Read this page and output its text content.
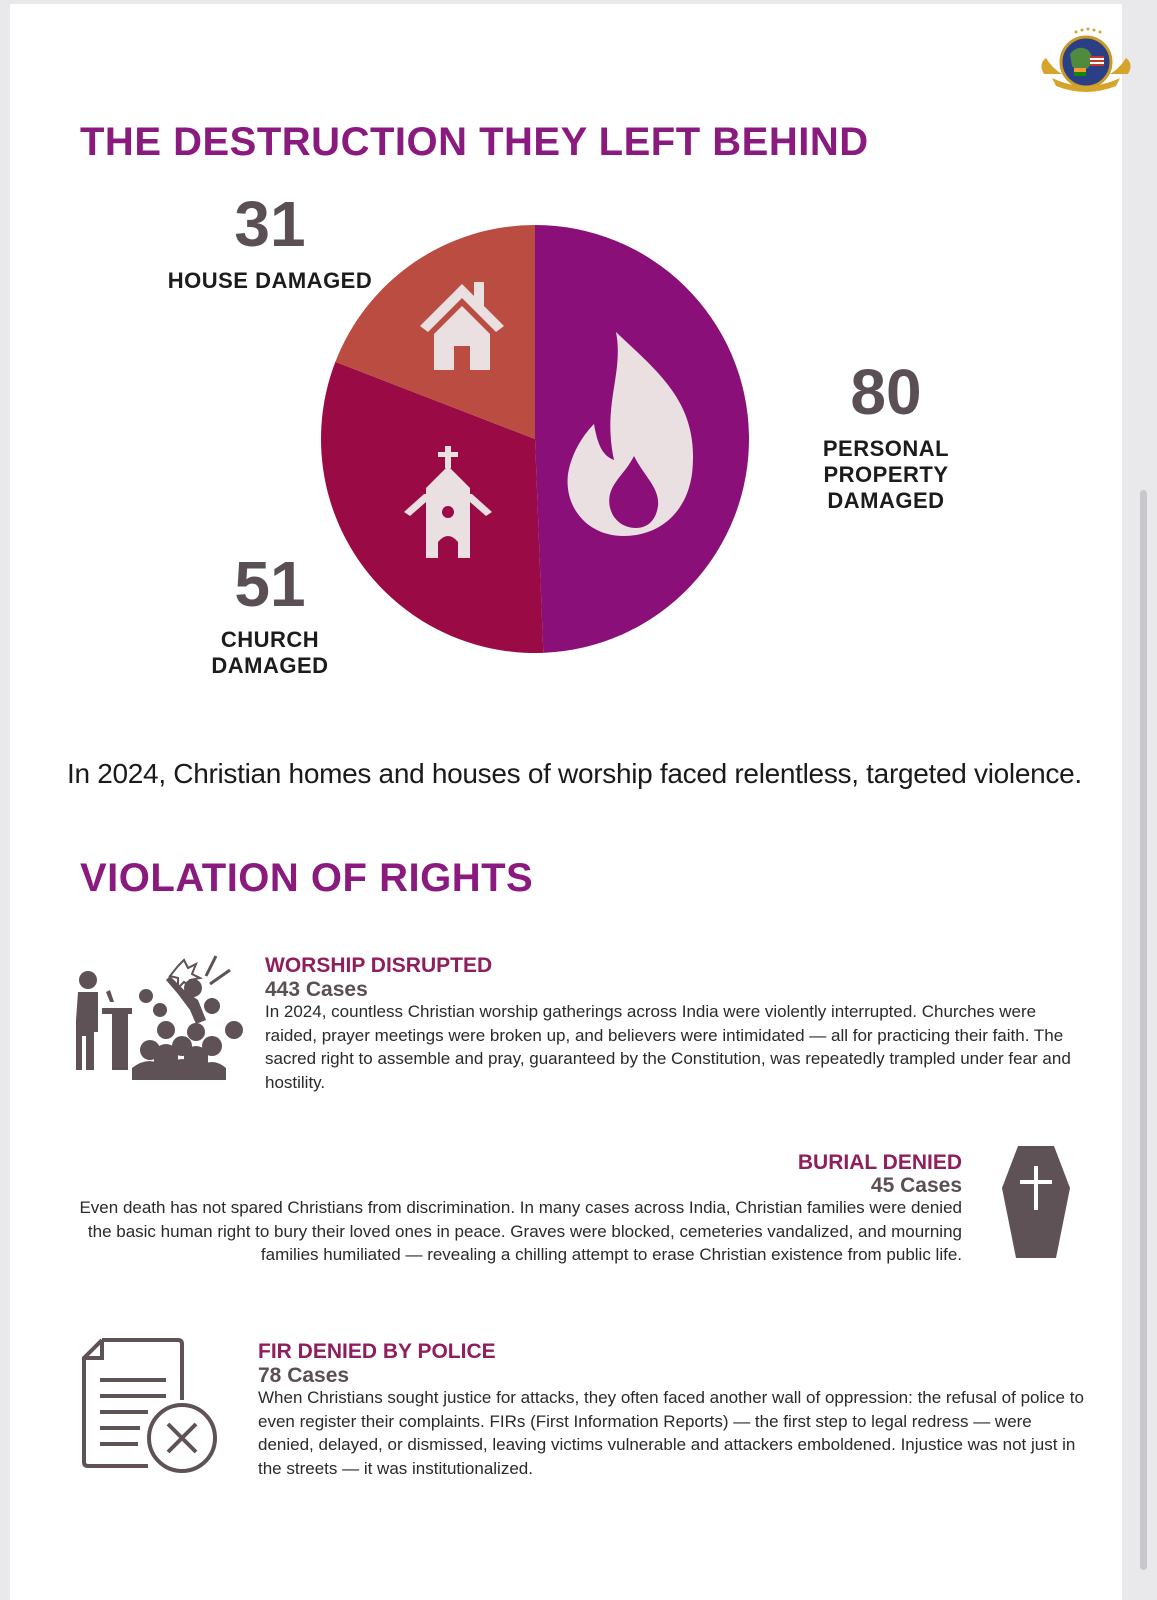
THE DESTRUCTION THEY LEFT BEHIND
VIOLATION OF RIGHTS
31
HOUSE DAMAGED
51
CHURCH
DAMAGED
80
PERSONAL
PROPERTY
DAMAGED

In 2024, Christian homes and houses of worship faced relentless, targeted violence.

WORSHIP DISRUPTED
443 Cases

In 2024, countless Christian worship gatherings across India were violently interrupted. Churches were raided, prayer meetings were broken up, and believers were intimidated — all for practicing their faith. The sacred right to assemble and pray, guaranteed by the Constitution, was repeatedly trampled under fear and hostility.

BURIAL DENIED
45 Cases

Even death has not spared Christians from discrimination. In many cases across India, Christian families were denied the basic human right to bury their loved ones in peace. Graves were blocked, cemeteries vandalized, and mourning families humiliated — revealing a chilling attempt to erase Christian existence from public life.

FIR DENIED BY POLICE
78 Cases

When Christians sought justice for attacks, they often faced another wall of oppression: the refusal of police to even register their complaints. FIRs (First Information Reports) — the first step to legal redress — were denied, delayed, or dismissed, leaving victims vulnerable and attackers emboldened. Injustice was not just in the streets — it was institutionalized.
